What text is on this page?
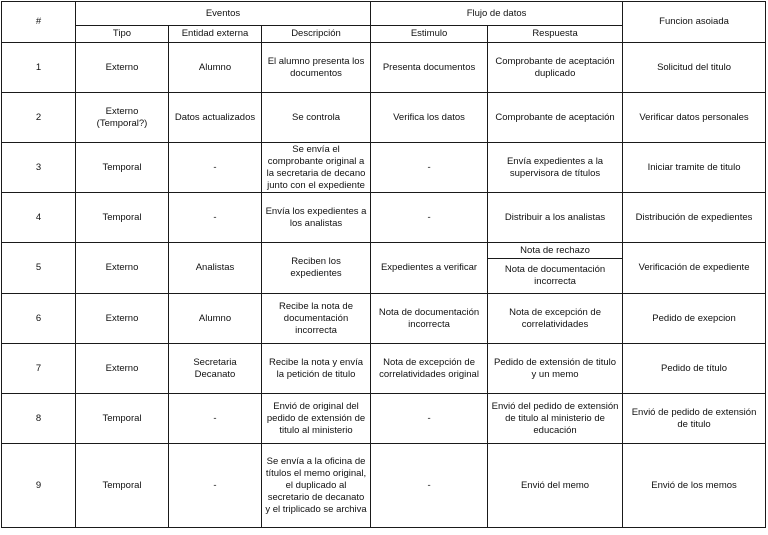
#	Eventos			Flujo de datos		Funcion asoiada
	Tipo	Entidad externa	Descripción	Estimulo	Respuesta	
1	Externo	Alumno	El alumno presenta los documentos	Presenta documentos	Comprobante de aceptación duplicado	Solicitud del titulo
2	Externo (Temporal?)	Datos actualizados	Se controla	Verifica los datos	Comprobante de aceptación	Verificar datos personales
3	Temporal	-	Se envía el comprobante original a la secretaria de decano junto con el expediente	-	Envía expedientes a la supervisora de títulos	Iniciar tramite de titulo
4	Temporal	-	Envía los expedientes a los analistas	-	Distribuir a los analistas	Distribución de expedientes
5	Externo	Analistas	Reciben los expedientes	Expedientes a verificar	Nota de rechazo
Nota de documentación incorrecta	Verificación de expediente
6	Externo	Alumno	Recibe la nota de documentación incorrecta	Nota de documentación incorrecta	Nota de excepción de correlatividades	Pedido de exepcion
7	Externo	Secretaria Decanato	Recibe la nota y envía la petición de titulo	Nota de excepción de correlatividades original	Pedido de extensión de titulo y un memo	Pedido de título
8	Temporal	-	Envió de original del pedido de extensión de titulo al ministerio	-	Envió del pedido de extensión de titulo al ministerio de educación	Envió de pedido de extensión de titulo
9	Temporal	-	Se envía a la oficina de títulos el memo original, el duplicado al secretario de decanato y el triplicado se archiva	-	Envió del memo	Envió de los memos
